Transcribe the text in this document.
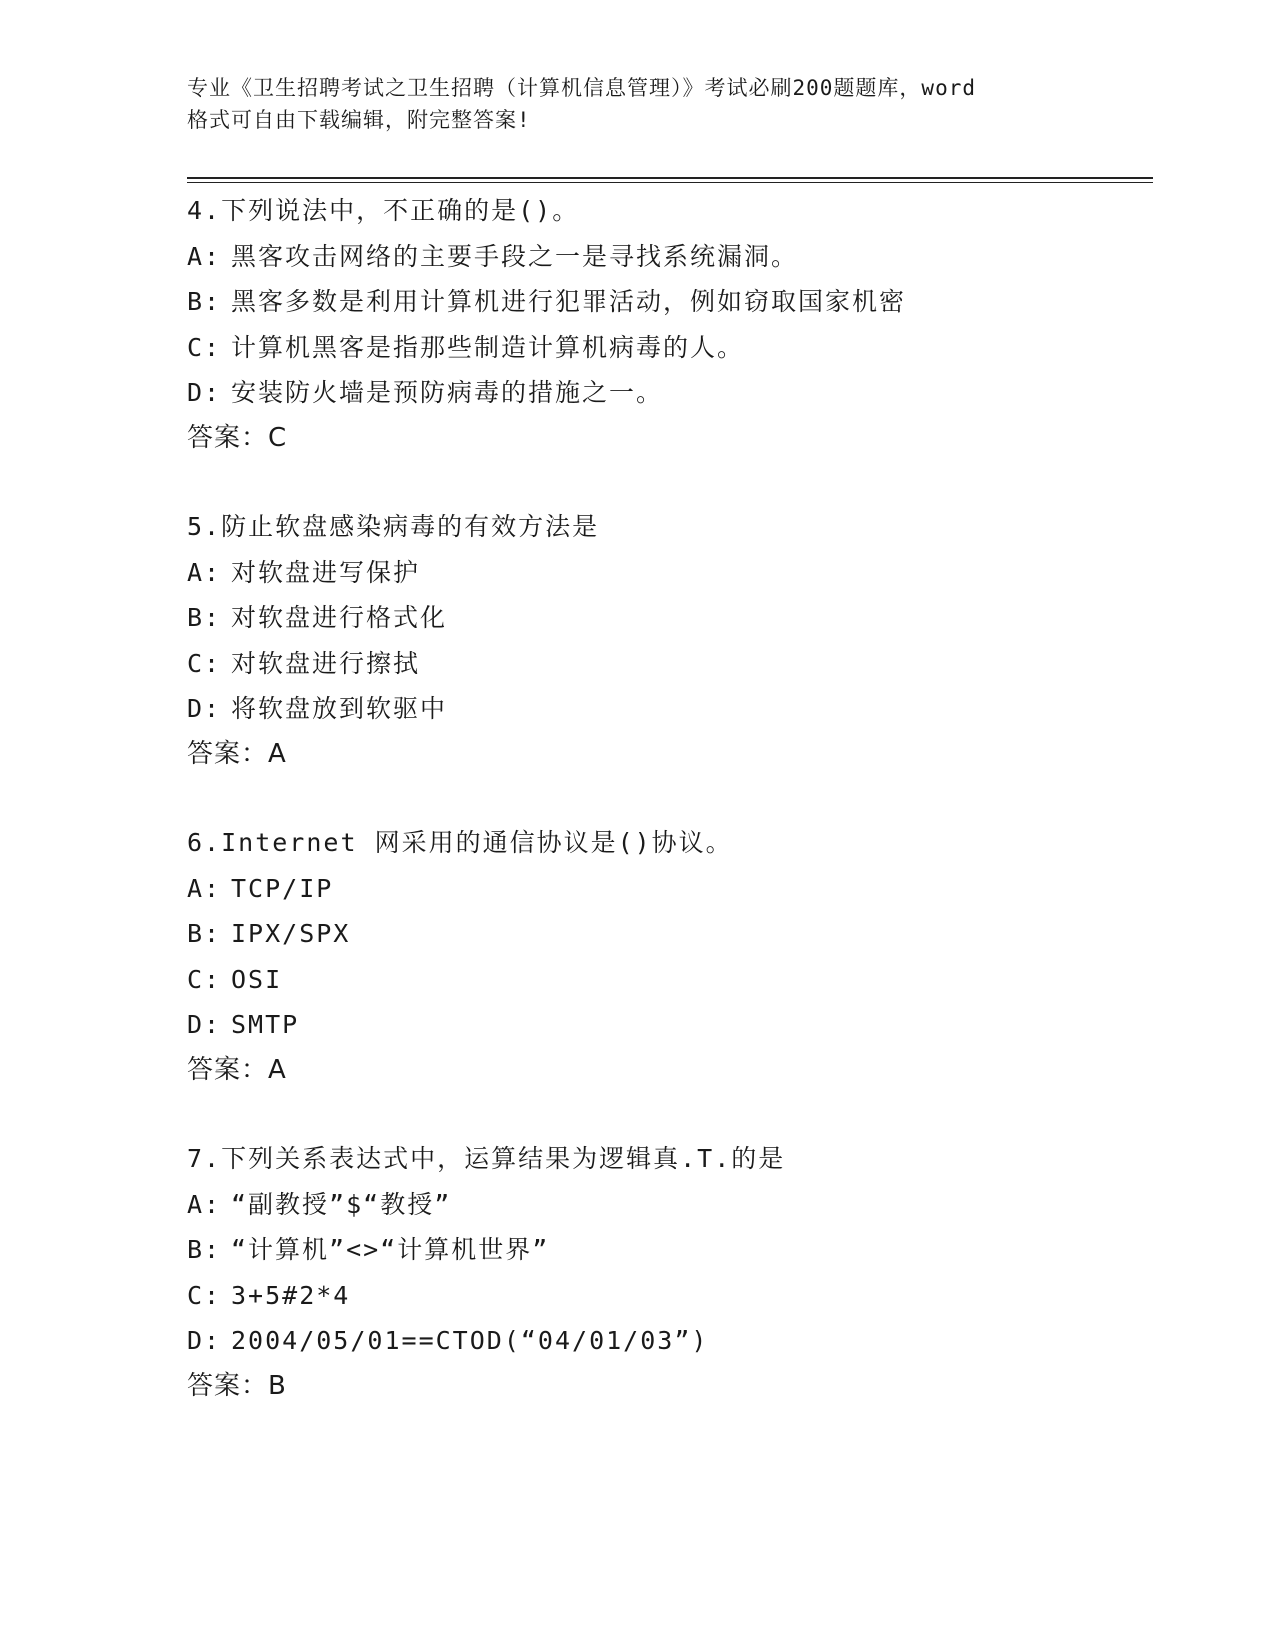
专业《卫生招聘考试之卫生招聘（计算机信息管理）》考试必刷200题题库，word
格式可自由下载编辑，附完整答案!
4.下列说法中，不正确的是()。
A: 黑客攻击网络的主要手段之一是寻找系统漏洞。
B: 黑客多数是利用计算机进行犯罪活动，例如窃取国家机密
C: 计算机黑客是指那些制造计算机病毒的人。
D: 安装防火墙是预防病毒的措施之一。
答案：C
5.防止软盘感染病毒的有效方法是
A: 对软盘进写保护
B: 对软盘进行格式化
C: 对软盘进行擦拭
D: 将软盘放到软驱中
答案：A
6.Internet 网采用的通信协议是()协议。
A: TCP/IP
B: IPX/SPX
C: OSI
D: SMTP
答案：A
7.下列关系表达式中，运算结果为逻辑真.T.的是
A: “副教授”$“教授”
B: “计算机”<>“计算机世界”
C: 3+5#2*4
D: 2004/05/01==CTOD(“04/01/03”)
答案：B
